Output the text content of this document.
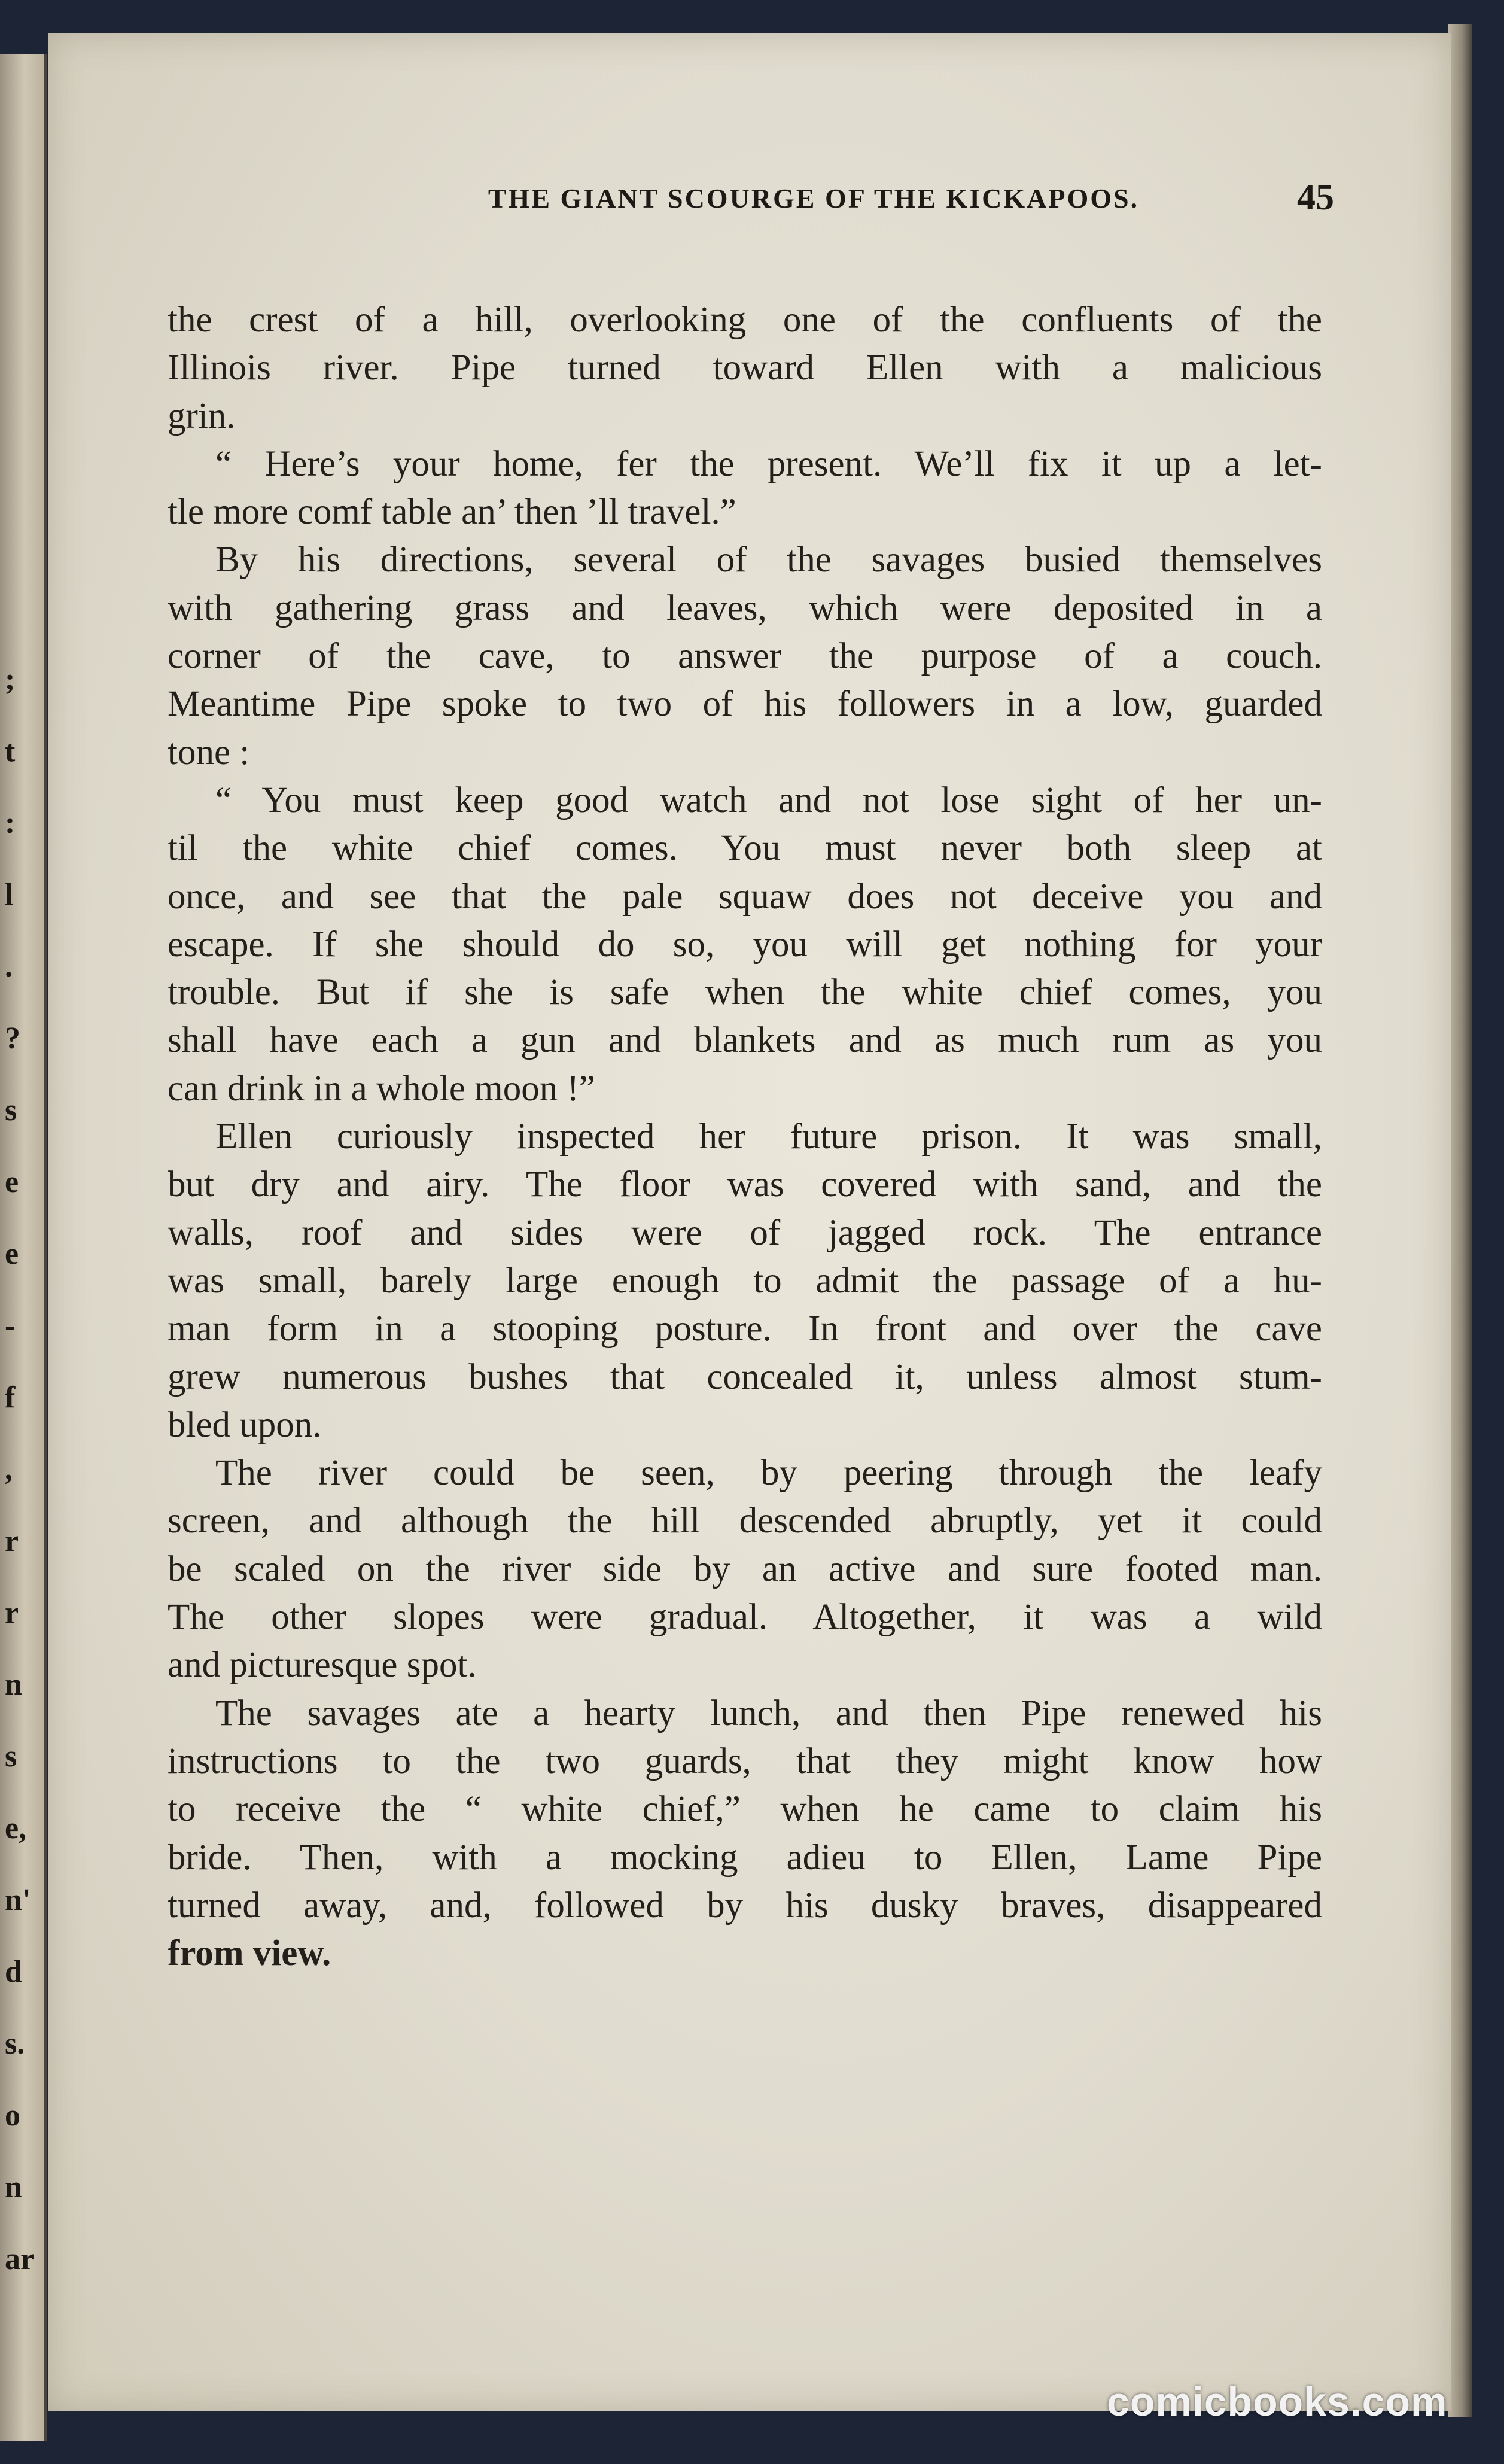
;
t
:
l
.
?
s
e
e
-
f
,
r
r
n
s
e,
n'
d
s.
o
n
ar
THE GIANT SCOURGE OF THE KICKAPOOS.	45
the crest of a hill, overlooking one of the confluents of the
Illinois river. Pipe turned toward Ellen with a malicious
grin.
“ Here’s your home, fer the present. We’ll fix it up a let-
tle more comf table an’ then ’ll travel.”
By his directions, several of the savages busied themselves
with gathering grass and leaves, which were deposited in a
corner of the cave, to answer the purpose of a couch.
Meantime Pipe spoke to two of his followers in a low, guarded
tone :
“ You must keep good watch and not lose sight of her un-
til the white chief comes. You must never both sleep at
once, and see that the pale squaw does not deceive you and
escape. If she should do so, you will get nothing for your
trouble. But if she is safe when the white chief comes, you
shall have each a gun and blankets and as much rum as you
can drink in a whole moon !”
Ellen curiously inspected her future prison. It was small,
but dry and airy. The floor was covered with sand, and the
walls, roof and sides were of jagged rock. The entrance
was small, barely large enough to admit the passage of a hu-
man form in a stooping posture. In front and over the cave
grew numerous bushes that concealed it, unless almost stum-
bled upon.
The river could be seen, by peering through the leafy
screen, and although the hill descended abruptly, yet it could
be scaled on the river side by an active and sure footed man.
The other slopes were gradual. Altogether, it was a wild
and picturesque spot.
The savages ate a hearty lunch, and then Pipe renewed his
instructions to the two guards, that they might know how
to receive the “ white chief,” when he came to claim his
bride. Then, with a mocking adieu to Ellen, Lame Pipe
turned away, and, followed by his dusky braves, disappeared
from view.
comicbooks.com
